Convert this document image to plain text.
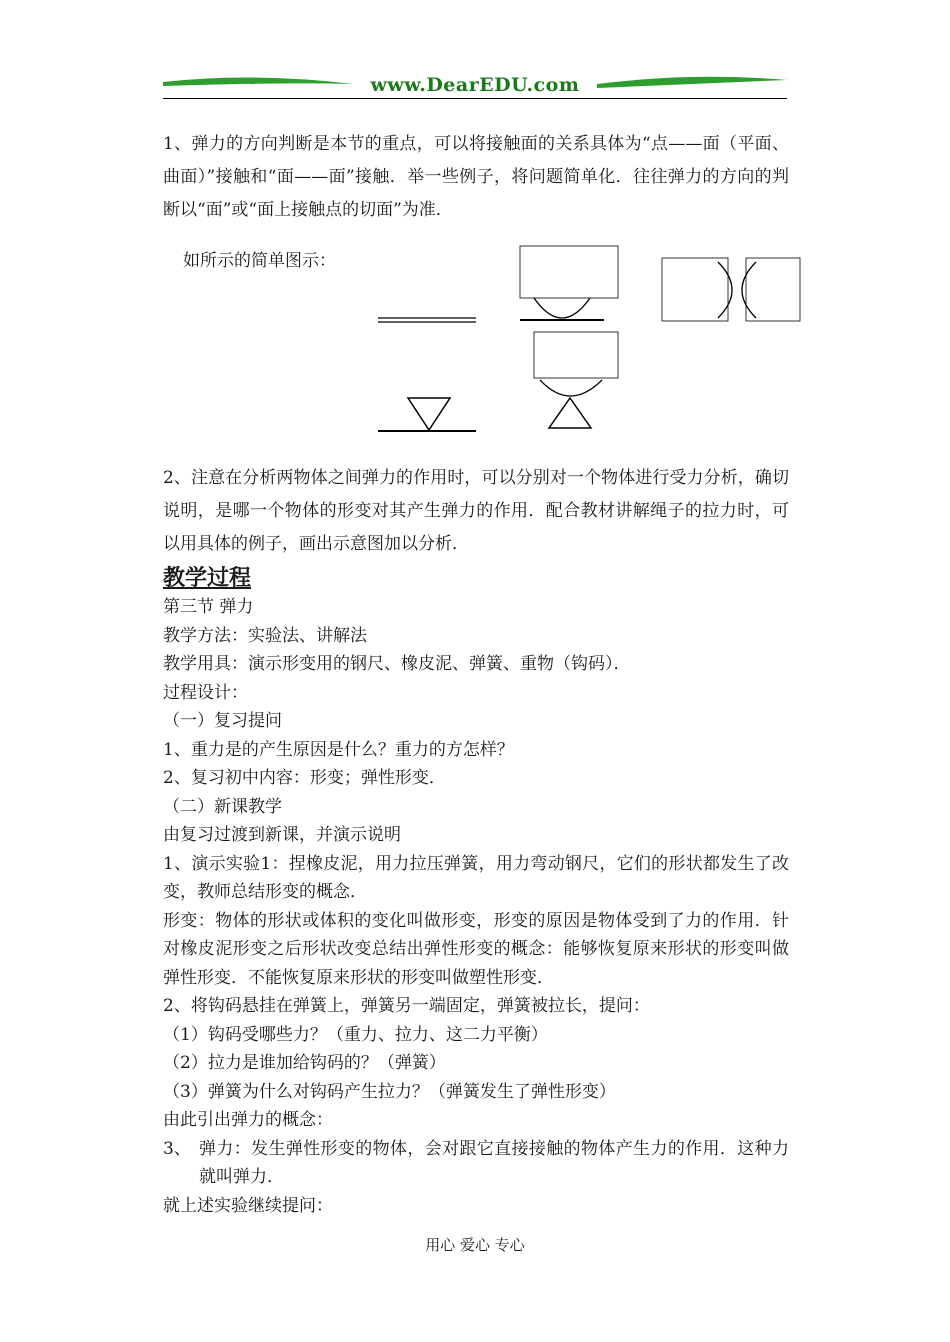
www.DearEDU.com

1、弹力的方向判断是本节的重点，可以将接触面的关系具体为“点——面（平面、曲面）”接触和“面——面”接触．举一些例子，将问题简单化．往往弹力的方向的判断以“面”或“面上接触点的切面”为准．

如所示的简单图示：

2、注意在分析两物体之间弹力的作用时，可以分别对一个物体进行受力分析，确切说明，是哪一个物体的形变对其产生弹力的作用．配合教材讲解绳子的拉力时，可以用具体的例子，画出示意图加以分析．

教学过程

第三节 弹力

教学方法：实验法、讲解法

教学用具：演示形变用的钢尺、橡皮泥、弹簧、重物（钩码）．

过程设计：

（一）复习提问

1、重力是的产生原因是什么？重力的方怎样？

2、复习初中内容：形变；弹性形变．

（二）新课教学

由复习过渡到新课，并演示说明

1、演示实验1：捏橡皮泥，用力拉压弹簧，用力弯动钢尺，它们的形状都发生了改变，教师总结形变的概念．

形变：物体的形状或体积的变化叫做形变，形变的原因是物体受到了力的作用．针对橡皮泥形变之后形状改变总结出弹性形变的概念：能够恢复原来形状的形变叫做弹性形变．不能恢复原来形状的形变叫做塑性形变．

2、将钩码悬挂在弹簧上，弹簧另一端固定，弹簧被拉长，提问：

（1）钩码受哪些力？（重力、拉力、这二力平衡）

（2）拉力是谁加给钩码的？（弹簧）

（3）弹簧为什么对钩码产生拉力？（弹簧发生了弹性形变）

由此引出弹力的概念：

3、 弹力：发生弹性形变的物体，会对跟它直接接触的物体产生力的作用．这种力就叫弹力．

就上述实验继续提问：

用心 爱心 专心
